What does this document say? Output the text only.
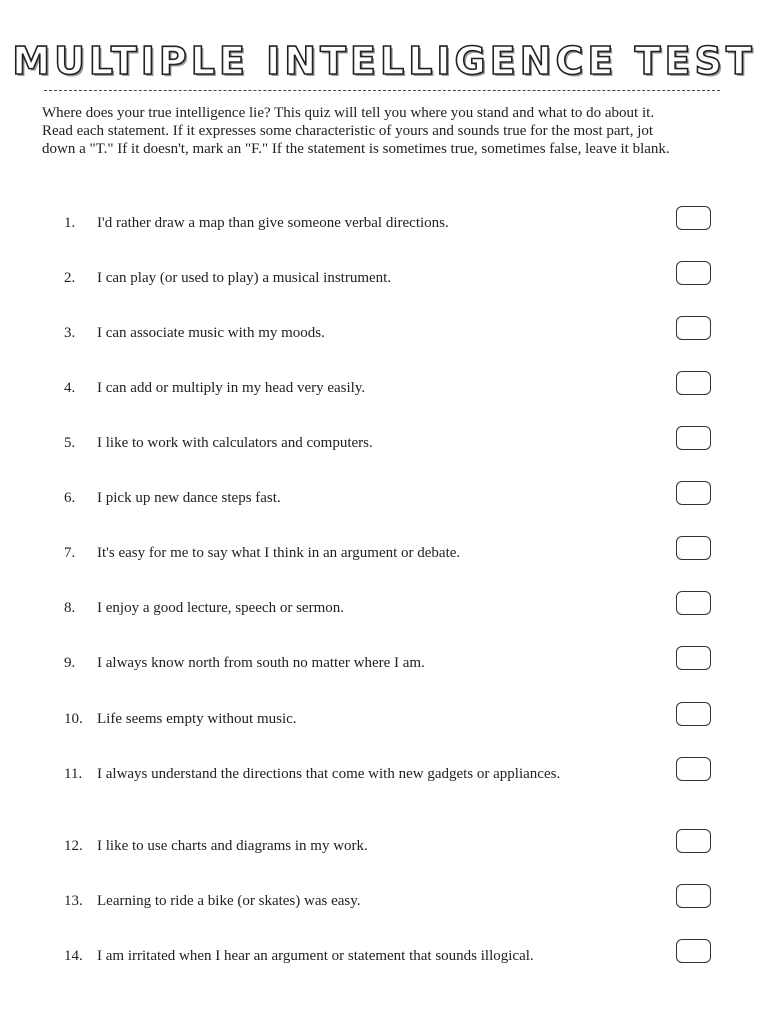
MULTIPLE INTELLIGENCE TEST
Where does your true intelligence lie? This quiz will tell you where you stand and what to do about it. Read each statement. If it expresses some characteristic of yours and sounds true for the most part, jot down a "T." If it doesn't, mark an "F." If the statement is sometimes true, sometimes false, leave it blank.
1. I'd rather draw a map than give someone verbal directions.
2. I can play (or used to play) a musical instrument.
3. I can associate music with my moods.
4. I can add or multiply in my head very easily.
5. I like to work with calculators and computers.
6. I pick up new dance steps fast.
7. It's easy for me to say what I think in an argument or debate.
8. I enjoy a good lecture, speech or sermon.
9. I always know north from south no matter where I am.
10. Life seems empty without music.
11. I always understand the directions that come with new gadgets or appliances.
12. I like to use charts and diagrams in my work.
13. Learning to ride a bike (or skates) was easy.
14. I am irritated when I hear an argument or statement that sounds illogical.
